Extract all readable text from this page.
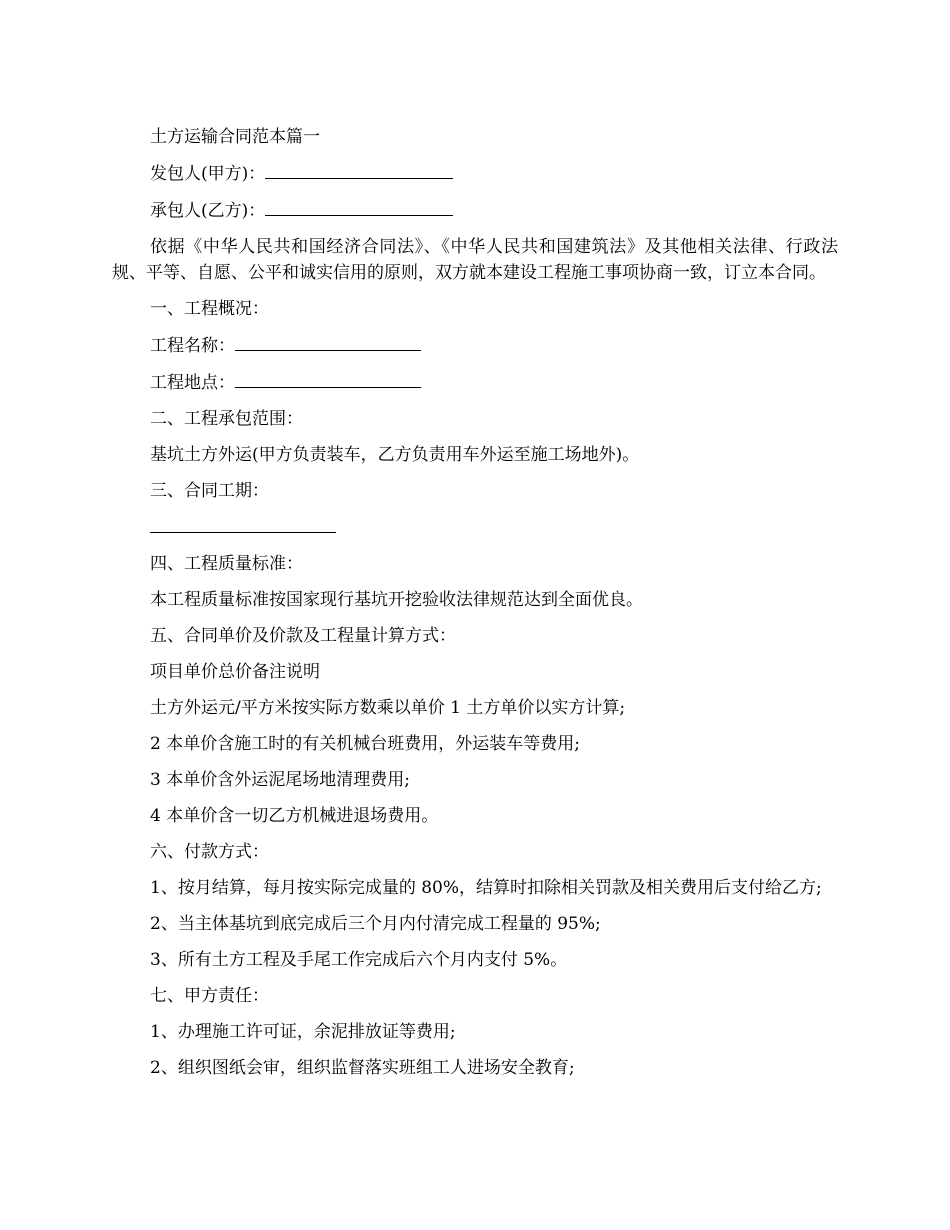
土方运输合同范本篇一

发包人(甲方)：

承包人(乙方)：

依据《中华人民共和国经济合同法》、《中华人民共和国建筑法》及其他相关法律、行政法规、平等、自愿、公平和诚实信用的原则，双方就本建设工程施工事项协商一致，订立本合同。

一、工程概况：

工程名称：

工程地点：

二、工程承包范围：

基坑土方外运(甲方负责装车，乙方负责用车外运至施工场地外)。

三、合同工期：

四、工程质量标准：

本工程质量标准按国家现行基坑开挖验收法律规范达到全面优良。

五、合同单价及价款及工程量计算方式：

项目单价总价备注说明

土方外运元/平方米按实际方数乘以单价 1 土方单价以实方计算;

2 本单价含施工时的有关机械台班费用，外运装车等费用;

3 本单价含外运泥尾场地清理费用;

4 本单价含一切乙方机械进退场费用。

六、付款方式：

1、按月结算，每月按实际完成量的 80%，结算时扣除相关罚款及相关费用后支付给乙方;

2、当主体基坑到底完成后三个月内付清完成工程量的 95%;

3、所有土方工程及手尾工作完成后六个月内支付 5%。

七、甲方责任：

1、办理施工许可证，余泥排放证等费用;

2、组织图纸会审，组织监督落实班组工人进场安全教育;
